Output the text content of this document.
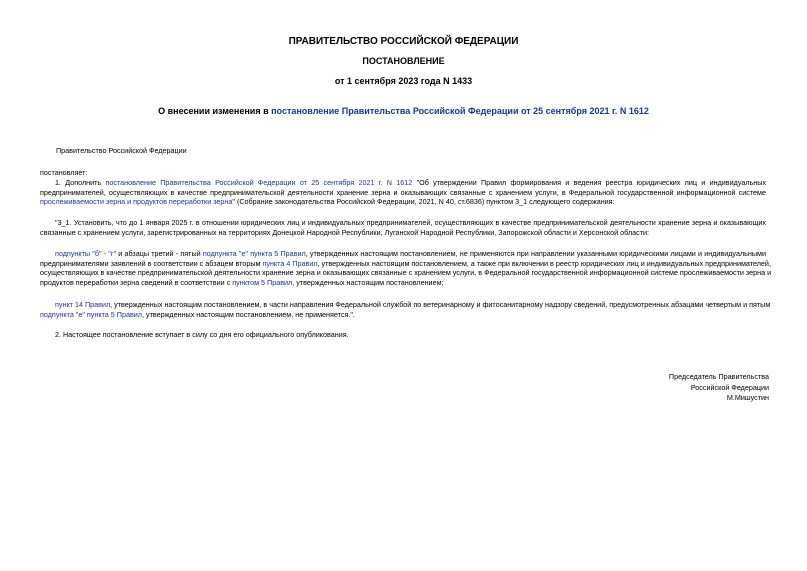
ПРАВИТЕЛЬСТВО РОССИЙСКОЙ ФЕДЕРАЦИИ
ПОСТАНОВЛЕНИЕ
от 1 сентября 2023 года N 1433
О внесении изменения в постановление Правительства Российской Федерации от 25 сентября 2021 г. N 1612
Правительство Российской Федерации
постановляет:
1. Дополнить постановление Правительства Российской Федерации от 25 сентября 2021 г. N 1612 "Об утверждении Правил формирования и ведения реестра юридических лиц и индивидуальных
предпринимателей, осуществляющих в качестве предпринимательской деятельности хранение зерна и оказывающих связанные с хранением услуги, в Федеральной государственной информационной системе
прослеживаемости зерна и продуктов переработки зерна" (Собрание законодательства Российской Федерации, 2021, N 40, ст.6836) пунктом 3_1 следующего содержания:
"3_1. Установить, что до 1 января 2025 г. в отношении юридических лиц и индивидуальных предпринимателей, осуществляющих в качестве предпринимательской деятельности хранение зерна и оказывающих
связанные с хранением услуги, зарегистрированных на территориях Донецкой Народной Республики, Луганской Народной Республики, Запорожской области и Херсонской области:
подпункты "б" - "г" и абзацы третий - пятый подпункта "е" пункта 5 Правил, утвержденных настоящим постановлением, не применяются при направлении указанными юридическими лицами и индивидуальными
предпринимателями заявлений в соответствии с абзацем вторым пункта 4 Правил, утвержденных настоящим постановлением, а также при включении в реестр юридических лиц и индивидуальных предпринимателей,
осуществляющих в качестве предпринимательской деятельности хранение зерна и оказывающих связанные с хранением услуги, в Федеральной государственной информационной системе прослеживаемости зерна и
продуктов переработки зерна сведений в соответствии с пунктом 5 Правил, утвержденных настоящим постановлением;
пункт 14 Правил, утвержденных настоящим постановлением, в части направления Федеральной службой по ветеринарному и фитосанитарному надзору сведений, предусмотренных абзацами четвертым и пятым
подпункта "е" пункта 5 Правил, утвержденных настоящим постановлением, не применяется.".
2. Настоящее постановление вступает в силу со дня его официального опубликования.
Председатель Правительства
Российской Федерации
М.Мишустин
